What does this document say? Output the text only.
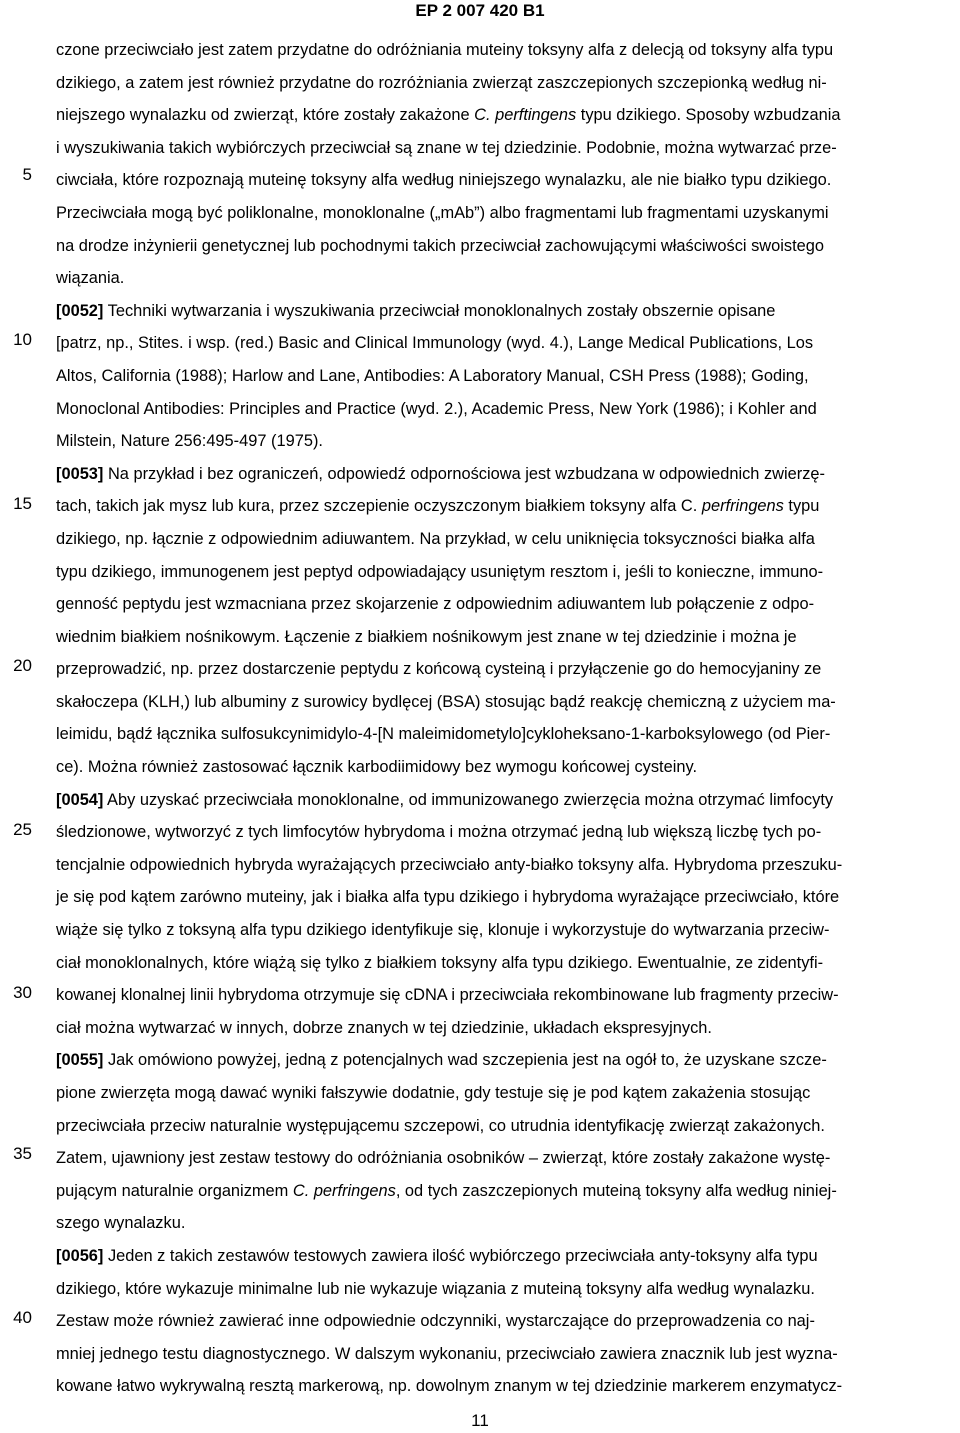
EP 2 007 420 B1
5
10
15
20
25
30
35
40
czone przeciwciało jest zatem przydatne do odróżniania muteiny toksyny alfa z delecją od toksyny alfa typu
dzikiego, a zatem jest również przydatne do rozróżniania zwierząt zaszczepionych szczepionką według ni-
niejszego wynalazku od zwierząt, które zostały zakażone C. perftingens typu dzikiego. Sposoby wzbudzania
i wyszukiwania takich wybiórczych przeciwciał są znane w tej dziedzinie. Podobnie, można wytwarzać prze-
ciwciała, które rozpoznają muteinę toksyny alfa według niniejszego wynalazku, ale nie białko typu dzikiego.
Przeciwciała mogą być poliklonalne, monoklonalne („mAb”) albo fragmentami lub fragmentami uzyskanymi
na drodze inżynierii genetycznej lub pochodnymi takich przeciwciał zachowującymi właściwości swoistego
wiązania.
[0052] Techniki wytwarzania i wyszukiwania przeciwciał monoklonalnych zostały obszernie opisane
[patrz, np., Stites. i wsp. (red.) Basic and Clinical Immunology (wyd. 4.), Lange Medical Publications, Los
Altos, California (1988); Harlow and Lane, Antibodies: A Laboratory Manual, CSH Press (1988); Goding,
Monoclonal Antibodies: Principles and Practice (wyd. 2.), Academic Press, New York (1986); i Kohler and
Milstein, Nature 256:495-497 (1975).
[0053] Na przykład i bez ograniczeń, odpowiedź odpornościowa jest wzbudzana w odpowiednich zwierzę-
tach, takich jak mysz lub kura, przez szczepienie oczyszczonym białkiem toksyny alfa C. perfringens typu
dzikiego, np. łącznie z odpowiednim adiuwantem. Na przykład, w celu uniknięcia toksyczności białka alfa
typu dzikiego, immunogenem jest peptyd odpowiadający usuniętym resztom i, jeśli to konieczne, immuno-
genność peptydu jest wzmacniana przez skojarzenie z odpowiednim adiuwantem lub połączenie z odpo-
wiednim białkiem nośnikowym. Łączenie z białkiem nośnikowym jest znane w tej dziedzinie i można je
przeprowadzić, np. przez dostarczenie peptydu z końcową cysteiną i przyłączenie go do hemocyjaniny ze
skałoczepa (KLH,) lub albuminy z surowicy bydlęcej (BSA) stosując bądź reakcję chemiczną z użyciem ma-
leimidu, bądź łącznika sulfosukcynimidylo-4-[N maleimidometylo]cykloheksano-1-karboksylowego (od Pier-
ce). Można również zastosować łącznik karbodiimidowy bez wymogu końcowej cysteiny.
[0054] Aby uzyskać przeciwciała monoklonalne, od immunizowanego zwierzęcia można otrzymać limfocyty
śledzionowe, wytworzyć z tych limfocytów hybrydoma i można otrzymać jedną lub większą liczbę tych po-
tencjalnie odpowiednich hybryda wyrażających przeciwciało anty-białko toksyny alfa. Hybrydoma przeszuku-
je się pod kątem zarówno muteiny, jak i białka alfa typu dzikiego i hybrydoma wyrażające przeciwciało, które
wiąże się tylko z toksyną alfa typu dzikiego identyfikuje się, klonuje i wykorzystuje do wytwarzania przeciw-
ciał monoklonalnych, które wiążą się tylko z białkiem toksyny alfa typu dzikiego. Ewentualnie, ze zidentyfi-
kowanej klonalnej linii hybrydoma otrzymuje się cDNA i przeciwciała rekombinowane lub fragmenty przeciw-
ciał można wytwarzać w innych, dobrze znanych w tej dziedzinie, układach ekspresyjnych.
[0055] Jak omówiono powyżej, jedną z potencjalnych wad szczepienia jest na ogół to, że uzyskane szcze-
pione zwierzęta mogą dawać wyniki fałszywie dodatnie, gdy testuje się je pod kątem zakażenia stosując
przeciwciała przeciw naturalnie występującemu szczepowi, co utrudnia identyfikację zwierząt zakażonych.
Zatem, ujawniony jest zestaw testowy do odróżniania osobników – zwierząt, które zostały zakażone wystę-
pującym naturalnie organizmem C. perfringens, od tych zaszczepionych muteiną toksyny alfa według niniej-
szego wynalazku.
[0056] Jeden z takich zestawów testowych zawiera ilość wybiórczego przeciwciała anty-toksyny alfa typu
dzikiego, które wykazuje minimalne lub nie wykazuje wiązania z muteiną toksyny alfa według wynalazku.
Zestaw może również zawierać inne odpowiednie odczynniki, wystarczające do przeprowadzenia co naj-
mniej jednego testu diagnostycznego. W dalszym wykonaniu, przeciwciało zawiera znacznik lub jest wyzna-
kowane łatwo wykrywalną resztą markerową, np. dowolnym znanym w tej dziedzinie markerem enzymatycz-
11
